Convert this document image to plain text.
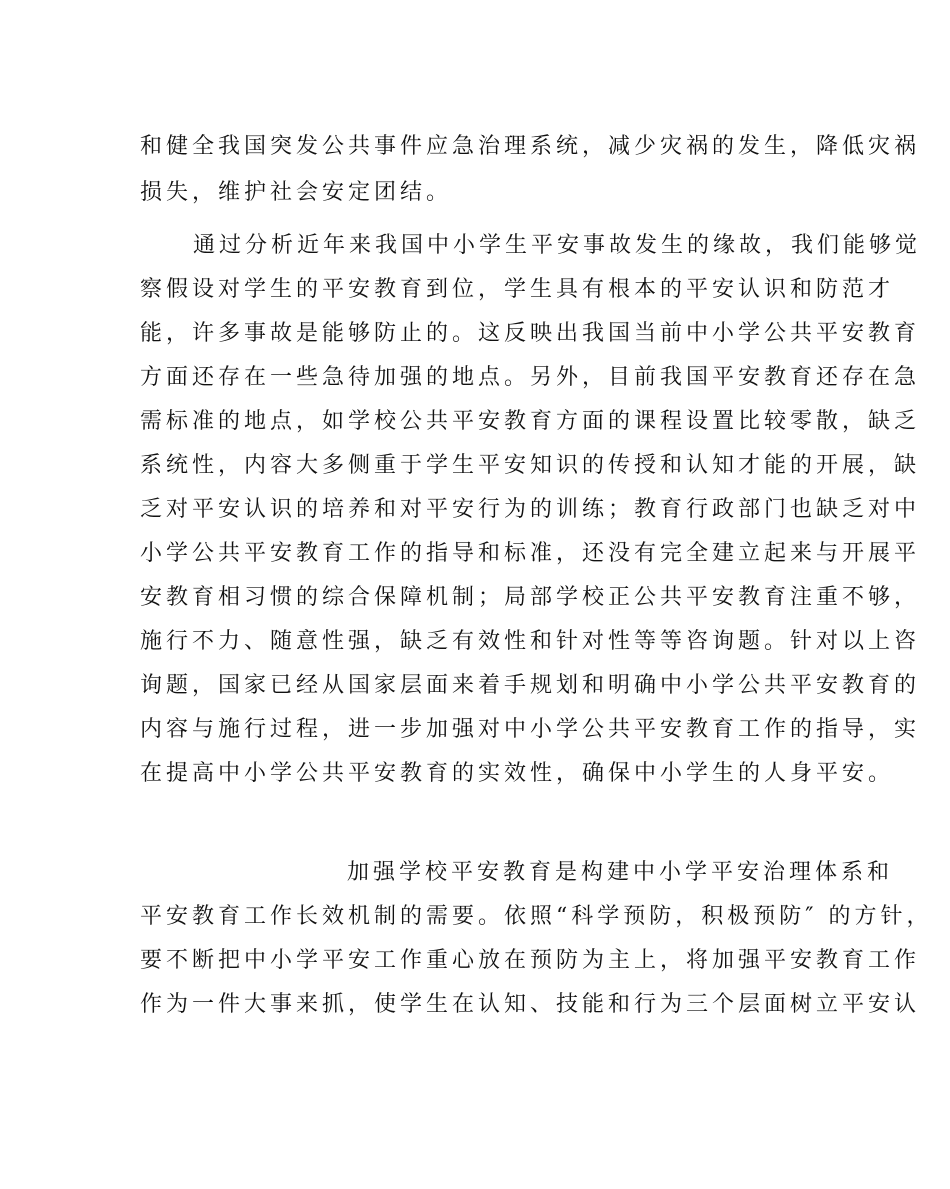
和健全我国突发公共事件应急治理系统，减少灾祸的发生，降低灾祸
损失，维护社会安定团结。
通过分析近年来我国中小学生平安事故发生的缘故，我们能够觉
察假设对学生的平安教育到位，学生具有根本的平安认识和防范才
能，许多事故是能够防止的。这反映出我国当前中小学公共平安教育
方面还存在一些急待加强的地点。另外，目前我国平安教育还存在急
需标准的地点，如学校公共平安教育方面的课程设置比较零散，缺乏
系统性，内容大多侧重于学生平安知识的传授和认知才能的开展，缺
乏对平安认识的培养和对平安行为的训练；教育行政部门也缺乏对中
小学公共平安教育工作的指导和标准，还没有完全建立起来与开展平
安教育相习惯的综合保障机制；局部学校正公共平安教育注重不够，
施行不力、随意性强，缺乏有效性和针对性等等咨询题。针对以上咨
询题，国家已经从国家层面来着手规划和明确中小学公共平安教育的
内容与施行过程，进一步加强对中小学公共平安教育工作的指导，实
在提高中小学公共平安教育的实效性，确保中小学生的人身平安。
加强学校平安教育是构建中小学平安治理体系和
平安教育工作长效机制的需要。依照“科学预防，积极预防″ 的方针，
要不断把中小学平安工作重心放在预防为主上，将加强平安教育工作
作为一件大事来抓，使学生在认知、技能和行为三个层面树立平安认
